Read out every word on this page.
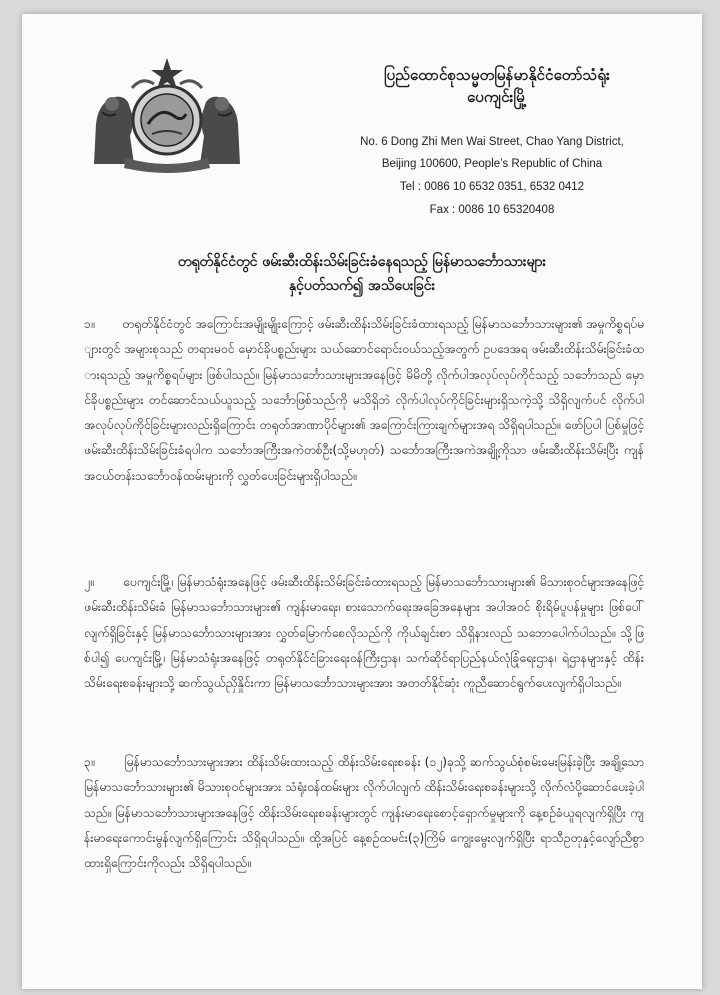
ပြည်ထောင်စုသမ္မတမြန်မာနိုင်ငံတော်သံရုံး
ပေကျင်းမြို့
No. 6 Dong Zhi Men Wai Street, Chao Yang District,
Beijing 100600, People’s Republic of China
Tel : 0086 10 6532 0351, 6532 0412
Fax : 0086 10 65320408
တရုတ်နိုင်ငံတွင် ဖမ်းဆီးထိန်းသိမ်းခြင်းခံနေရသည့် မြန်မာသင်္ဘောသားများ
နှင့်ပတ်သက်၍ အသိပေးခြင်း
၁။ တရုတ်နိုင်ငံတွင် အကြောင်းအမျိုးမျိုးကြောင့် ဖမ်းဆီးထိန်းသိမ်းခြင်းခံထားရသည့် မြန်မာသင်္ဘောသားများ၏ အမှုကိစ္စရပ်များတွင် အများစုသည် တရားမဝင် မှောင်ခိုပစ္စည်းများ သယ်ဆောင်ရောင်းဝယ်သည့်အတွက် ဥပဒေအရ ဖမ်းဆီးထိန်းသိမ်းခြင်းခံထားရသည့် အမှုကိစ္စရပ်များ ဖြစ်ပါသည်။ မြန်မာသင်္ဘောသားများအနေဖြင့် မိမိတို့ လိုက်ပါအလုပ်လုပ်ကိုင်သည့် သင်္ဘောသည် မှောင်ခိုပစ္စည်းများ တင်ဆောင်သယ်ယူသည့် သင်္ဘောဖြစ်သည်ကို မသိရှိဘဲ လိုက်ပါလုပ်ကိုင်ခြင်းများရှိသကဲ့သို့ သိရှိလျက်ပင် လိုက်ပါအလုပ်လုပ်ကိုင်ခြင်းများလည်းရှိကြောင်း တရုတ်အာဏာပိုင်များ၏ အကြောင်းကြားချက်များအရ သိရှိရပါသည်။ ဖော်ပြပါ ပြစ်မှုဖြင့် ဖမ်းဆီးထိန်းသိမ်းခြင်းခံရပါက သင်္ဘောအကြီးအကဲတစ်ဦး(သို့မဟုတ်) သင်္ဘောအကြီးအကဲအချို့ကိုသာ ဖမ်းဆီးထိန်းသိမ်းပြီး ကျန်အငယ်တန်းသင်္ဘောဝန်ထမ်းများကို လွှတ်ပေးခြင်းများရှိပါသည်။
၂။ ပေကျင်းမြို့၊ မြန်မာသံရုံးအနေဖြင့် ဖမ်းဆီးထိန်းသိမ်းခြင်းခံထားရသည့် မြန်မာသင်္ဘောသားများ၏ မိသားစုဝင်များအနေဖြင့် ဖမ်းဆီးထိန်းသိမ်းခံ မြန်မာသင်္ဘောသားများ၏ ကျန်းမာရေး၊ စားသောက်ရေးအခြေအနေများ အပါအဝင် စိုးရိမ်ပူပန်မှုများ ဖြစ်ပေါ်လျက်ရှိခြင်းနှင့် မြန်မာသင်္ဘောသားများအား လွှတ်မြောက်စေလိုသည်ကို ကိုယ်ချင်းစာ သိရှိနားလည် သဘောပေါက်ပါသည်။ သို့ဖြစ်ပါ၍ ပေကျင်းမြို့၊ မြန်မာသံရုံးအနေဖြင့် တရုတ်နိုင်ငံခြားရေးဝန်ကြီးဌာန၊ သက်ဆိုင်ရာပြည်နယ်လုံခြုံရေးဌာန၊ ရဲဌာနများနှင့် ထိန်းသိမ်းရေးစခန်းများသို့ ဆက်သွယ်ညှိနှိုင်းကာ မြန်မာသင်္ဘောသားများအား အတတ်နိုင်ဆုံး ကူညီဆောင်ရွက်ပေးလျက်ရှိပါသည်။
၃။ မြန်မာသင်္ဘောသားများအား ထိန်းသိမ်းထားသည့် ထိန်းသိမ်းရေးစခန်း (၁၂)ခုသို့ ဆက်သွယ်စုံစမ်းမေးမြန်းခဲ့ပြီး အချို့သော မြန်မာသင်္ဘောသားများ၏ မိသားစုဝင်များအား သံရုံးဝန်ထမ်းများ လိုက်ပါလျက် ထိန်းသိမ်းရေးစခန်းများသို့ လိုက်လံပို့ဆောင်ပေးခဲ့ပါသည်။ မြန်မာသင်္ဘောသားများအနေဖြင့် ထိန်းသိမ်းရေးစခန်းများတွင် ကျန်းမာရေးစောင့်ရှောက်မှုများကို နေ့စဉ်ခံယူရလျက်ရှိပြီး ကျန်းမာရေးကောင်းမွန်လျက်ရှိကြောင်း သိရှိရပါသည်။ ထို့အပြင် နေ့စဉ်ထမင်း(၃)ကြိမ် ကျွေးမွေးလျက်ရှိပြီး ရာသီဥတုနှင့်လျော်ညီစွာ ထားရှိကြောင်းကိုလည်း သိရှိရပါသည်။
